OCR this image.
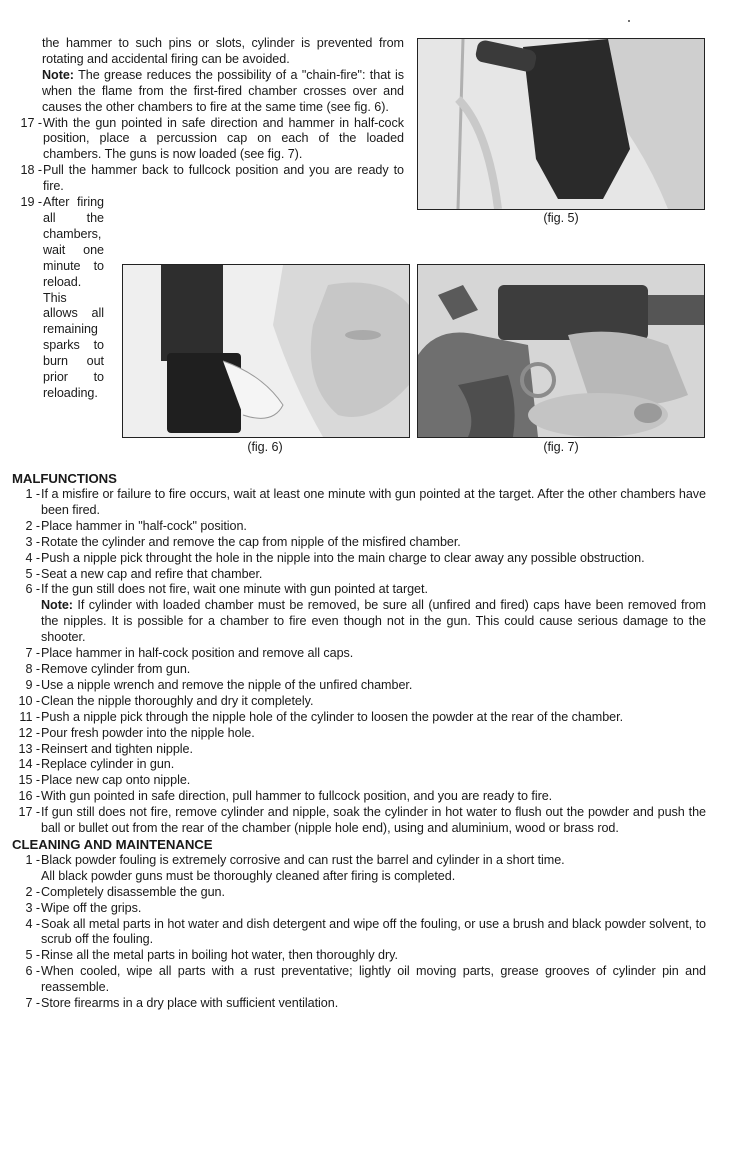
the hammer to such pins or slots, cylinder is prevented from rotating and accidental firing can be avoided.
Note: The grease reduces the possibility of a "chain-fire": that is when the flame from the first-fired chamber crosses over and causes the other chambers to fire at the same time (see fig. 6).
17 - With the gun pointed in safe direction and hammer in half-cock position, place a percussion cap on each of the loaded chambers. The guns is now loaded (see fig. 7).
18 - Pull the hammer back to fullcock position and you are ready to fire.
19 - After firing all the chambers, wait one minute to reload. This allows all remaining sparks to burn out prior to reloading.
(fig. 5)
(fig. 6)	(fig. 7)
MALFUNCTIONS
1 - If a misfire or failure to fire occurs, wait at least one minute with gun pointed at the target. After the other chambers have been fired.
2 - Place hammer in "half-cock" position.
3 - Rotate the cylinder and remove the cap from nipple of the misfired chamber.
4 - Push a nipple pick throught the hole in the nipple into the main charge to clear away any possible obstruction.
5 - Seat a new cap and refire that chamber.
6 - If the gun still does not fire, wait one minute with gun pointed at target.
Note: If cylinder with loaded chamber must be removed, be sure all (unfired and fired) caps have been removed from the nipples. It is possible for a chamber to fire even though not in the gun. This could cause serious damage to the shooter.
7 - Place hammer in half-cock position and remove all caps.
8 - Remove cylinder from gun.
9 - Use a nipple wrench and remove the nipple of the unfired chamber.
10 - Clean the nipple thoroughly and dry it completely.
11 - Push a nipple pick through the nipple hole of the cylinder to loosen the powder at the rear of the chamber.
12 - Pour fresh powder into the nipple hole.
13 - Reinsert and tighten nipple.
14 - Replace cylinder in gun.
15 - Place new cap onto nipple.
16 - With gun pointed in safe direction, pull hammer to fullcock position, and you are ready to fire.
17 - If gun still does not fire, remove cylinder and nipple, soak the cylinder in hot water to flush out the powder and push the ball or bullet out from the rear of the chamber (nipple hole end), using and aluminium, wood or brass rod.
CLEANING AND MAINTENANCE
1 - Black powder fouling is extremely corrosive and can rust the barrel and cylinder in a short time.
All black powder guns must be thoroughly cleaned after firing is completed.
2 - Completely disassemble the gun.
3 - Wipe off the grips.
4 - Soak all metal parts in hot water and dish detergent and wipe off the fouling, or use a brush and black powder solvent, to scrub off the fouling.
5 - Rinse all the metal parts in boiling hot water, then thoroughly dry.
6 - When cooled, wipe all parts with a rust preventative; lightly oil moving parts, grease grooves of cylinder pin and reassemble.
7 - Store firearms in a dry place with sufficient ventilation.
